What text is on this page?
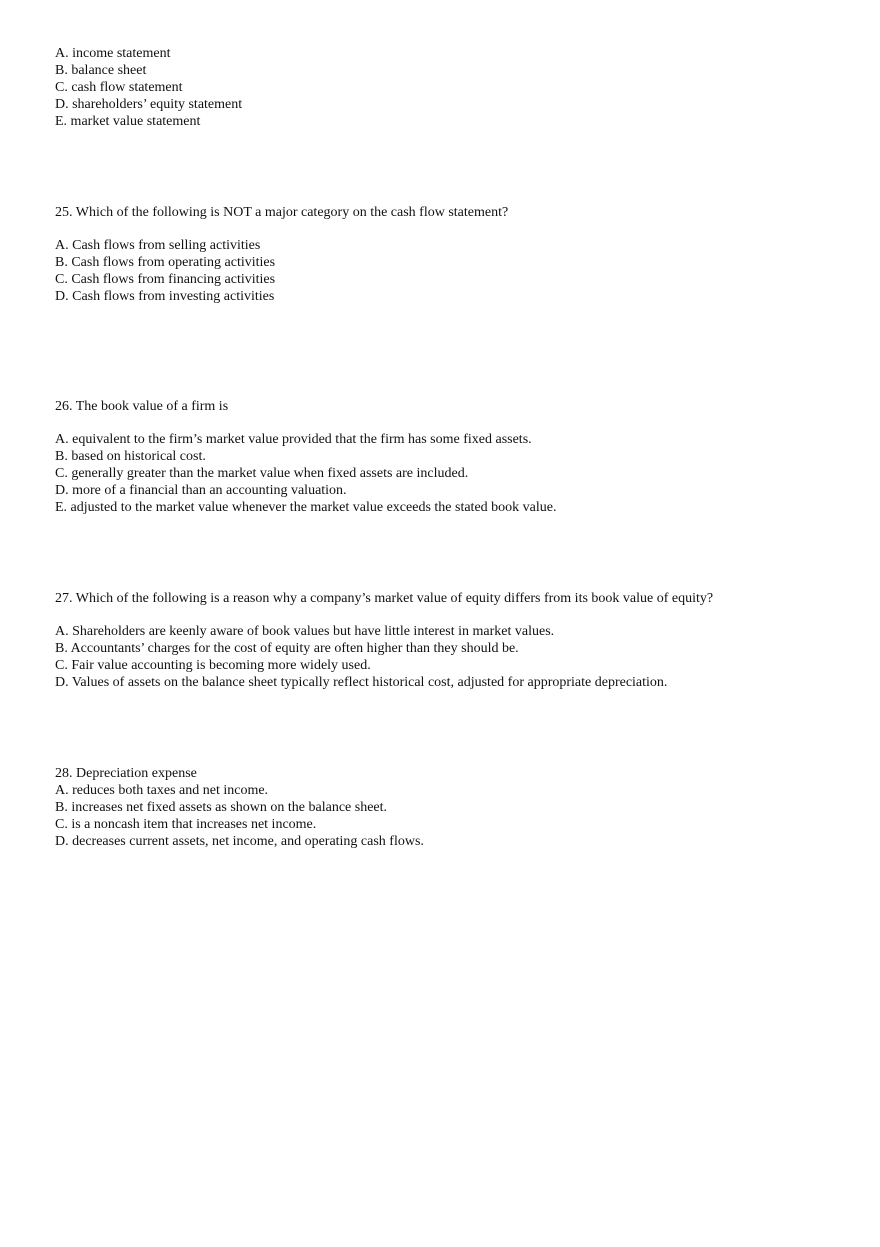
A. income statement
B. balance sheet
C. cash flow statement
D. shareholders’ equity statement
E. market value statement
25. Which of the following is NOT a major category on the cash flow statement?
A. Cash flows from selling activities
B. Cash flows from operating activities
C. Cash flows from financing activities
D. Cash flows from investing activities
26. The book value of a firm is
A. equivalent to the firm’s market value provided that the firm has some fixed assets.
B. based on historical cost.
C. generally greater than the market value when fixed assets are included.
D. more of a financial than an accounting valuation.
E. adjusted to the market value whenever the market value exceeds the stated book value.
27. Which of the following is a reason why a company’s market value of equity differs from its book value of equity?
A. Shareholders are keenly aware of book values but have little interest in market values.
B. Accountants’ charges for the cost of equity are often higher than they should be.
C. Fair value accounting is becoming more widely used.
D. Values of assets on the balance sheet typically reflect historical cost, adjusted for appropriate depreciation.
28. Depreciation expense
A. reduces both taxes and net income.
B. increases net fixed assets as shown on the balance sheet.
C. is a noncash item that increases net income.
D. decreases current assets, net income, and operating cash flows.
